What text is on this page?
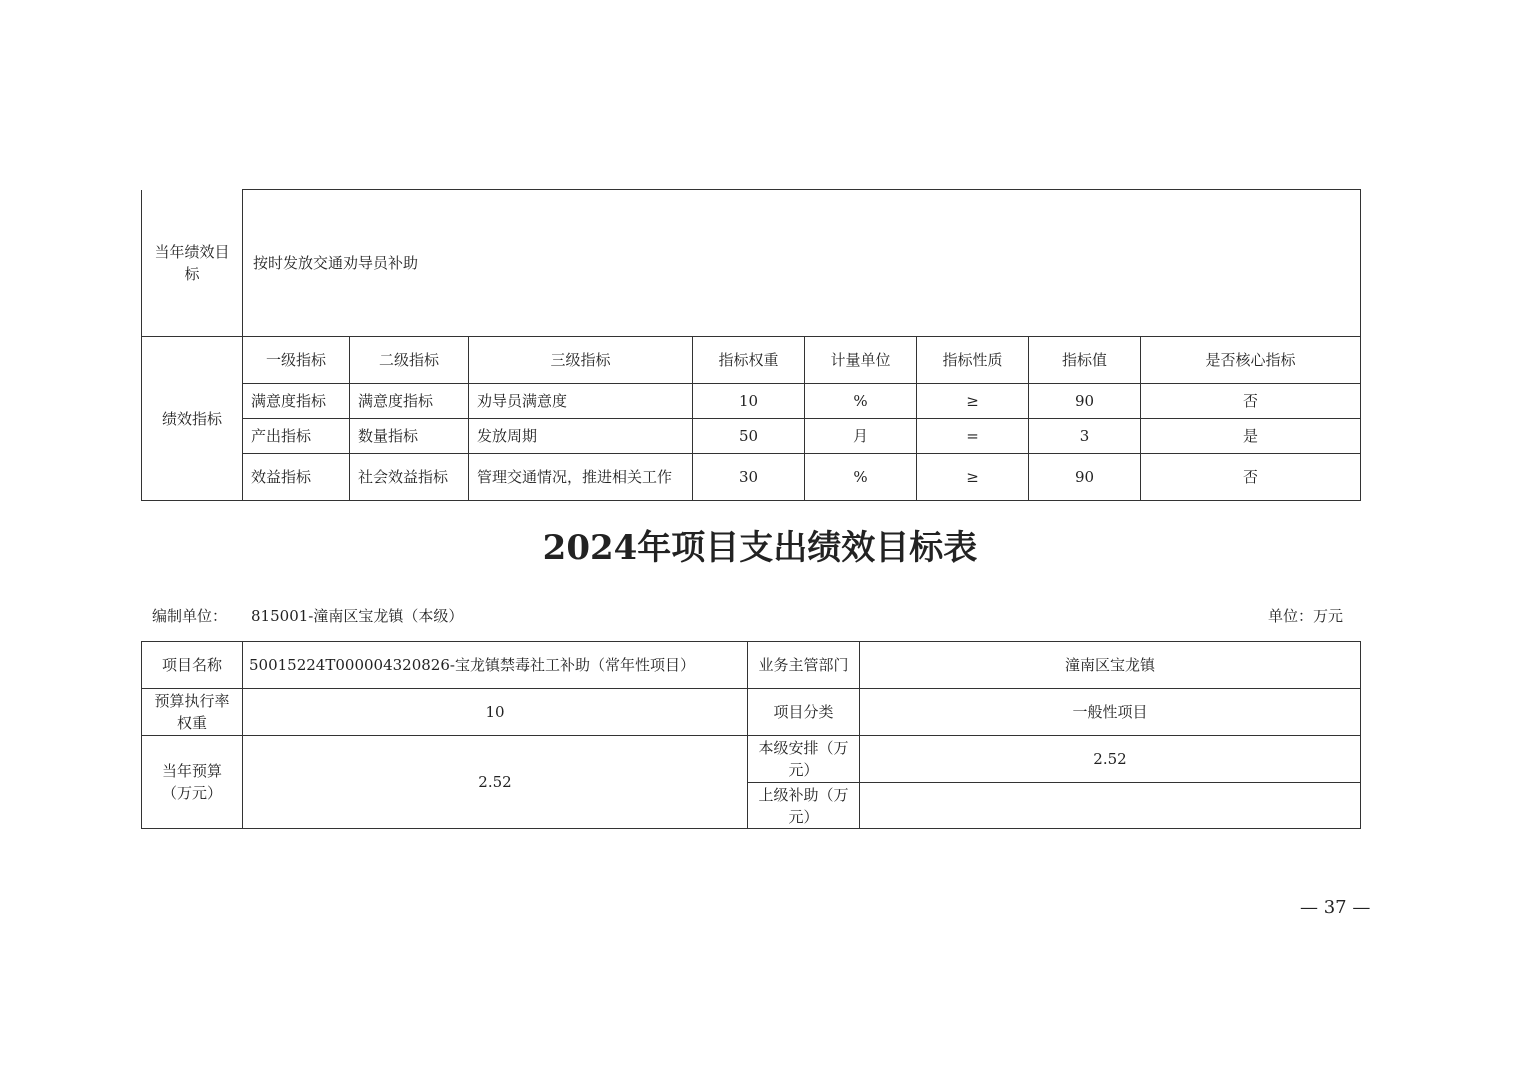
当年绩效目标	按时发放交通劝导员补助							
绩效指标	一级指标	二级指标	三级指标	指标权重	计量单位	指标性质	指标值	是否核心指标
	满意度指标	满意度指标	劝导员满意度	10	%	≥	90	否
	产出指标	数量指标	发放周期	50	月	=	3	是
	效益指标	社会效益指标	管理交通情况，推进相关工作	30	%	≥	90	否
2024年项目支出绩效目标表
编制单位： 815001-潼南区宝龙镇（本级）	单位：万元
项目名称	50015224T000004320826-宝龙镇禁毒社工补助（常年性项目）	业务主管部门	潼南区宝龙镇
预算执行率权重	10	项目分类	一般性项目
当年预算（万元）	2.52	本级安排（万元）	2.52
		上级补助（万元）	
— 37 —
